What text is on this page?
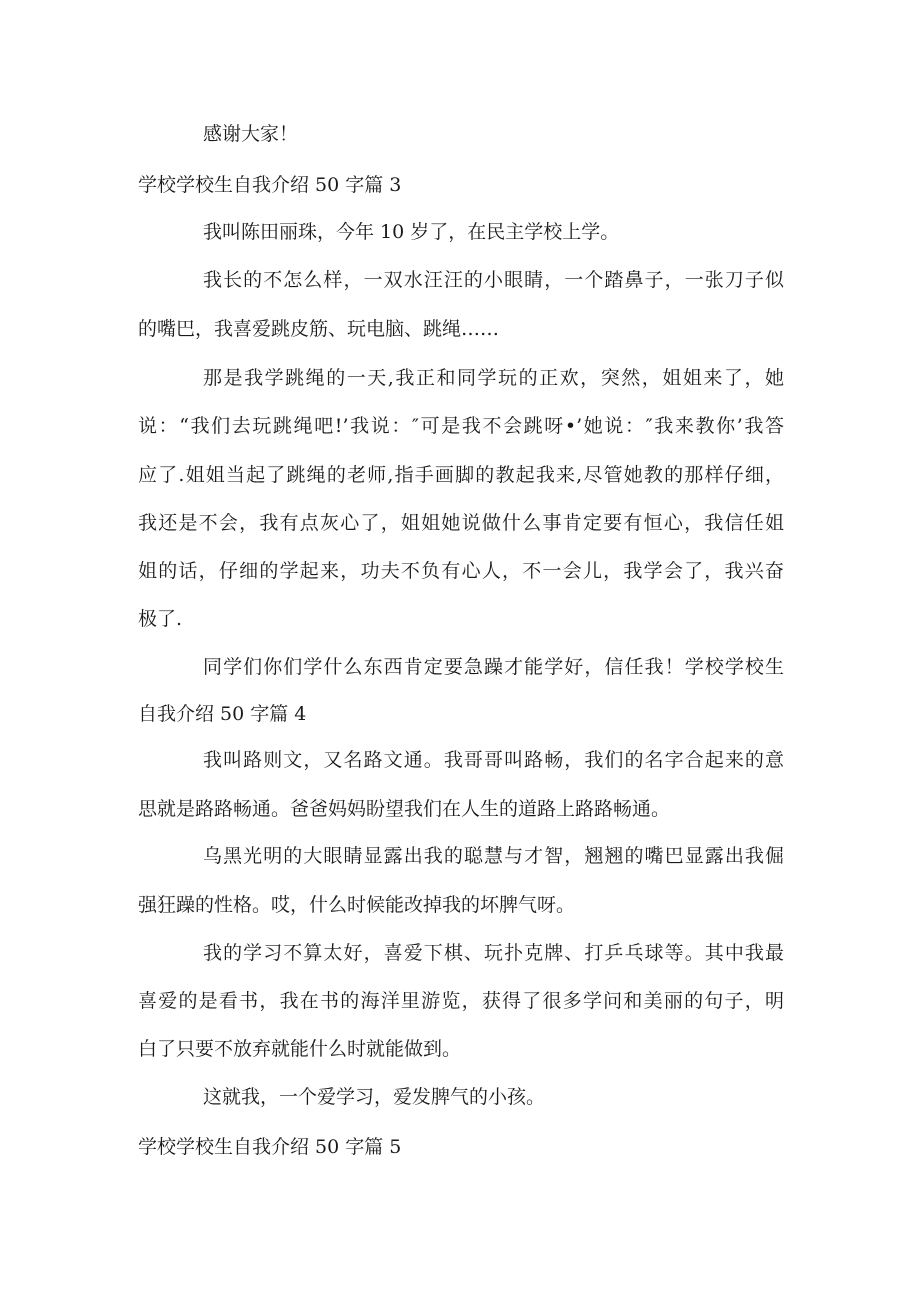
感谢大家！
学校学校生自我介绍 50 字篇 3
我叫陈田丽珠，今年 10 岁了，在民主学校上学。
我长的不怎么样，一双水汪汪的小眼睛，一个踏鼻子，一张刀子似
的嘴巴，我喜爱跳皮筋、玩电脑、跳绳……
那是我学跳绳的一天,我正和同学玩的正欢，突然，姐姐来了，她
说：“我们去玩跳绳吧!’我说：″可是我不会跳呀•’她说：″我来教你’我答
应了.姐姐当起了跳绳的老师,指手画脚的教起我来,尽管她教的那样仔细，
我还是不会，我有点灰心了，姐姐她说做什么事肯定要有恒心，我信任姐
姐的话，仔细的学起来，功夫不负有心人，不一会儿，我学会了，我兴奋
极了.
同学们你们学什么东西肯定要急躁才能学好，信任我！学校学校生
自我介绍 50 字篇 4
我叫路则文，又名路文通。我哥哥叫路畅，我们的名字合起来的意
思就是路路畅通。爸爸妈妈盼望我们在人生的道路上路路畅通。
乌黑光明的大眼睛显露出我的聪慧与才智，翘翘的嘴巴显露出我倔
强狂躁的性格。哎，什么时候能改掉我的坏脾气呀。
我的学习不算太好，喜爱下棋、玩扑克牌、打乒乓球等。其中我最
喜爱的是看书，我在书的海洋里游览，获得了很多学问和美丽的句子，明
白了只要不放弃就能什么时就能做到。
这就我，一个爱学习，爱发脾气的小孩。
学校学校生自我介绍 50 字篇 5
